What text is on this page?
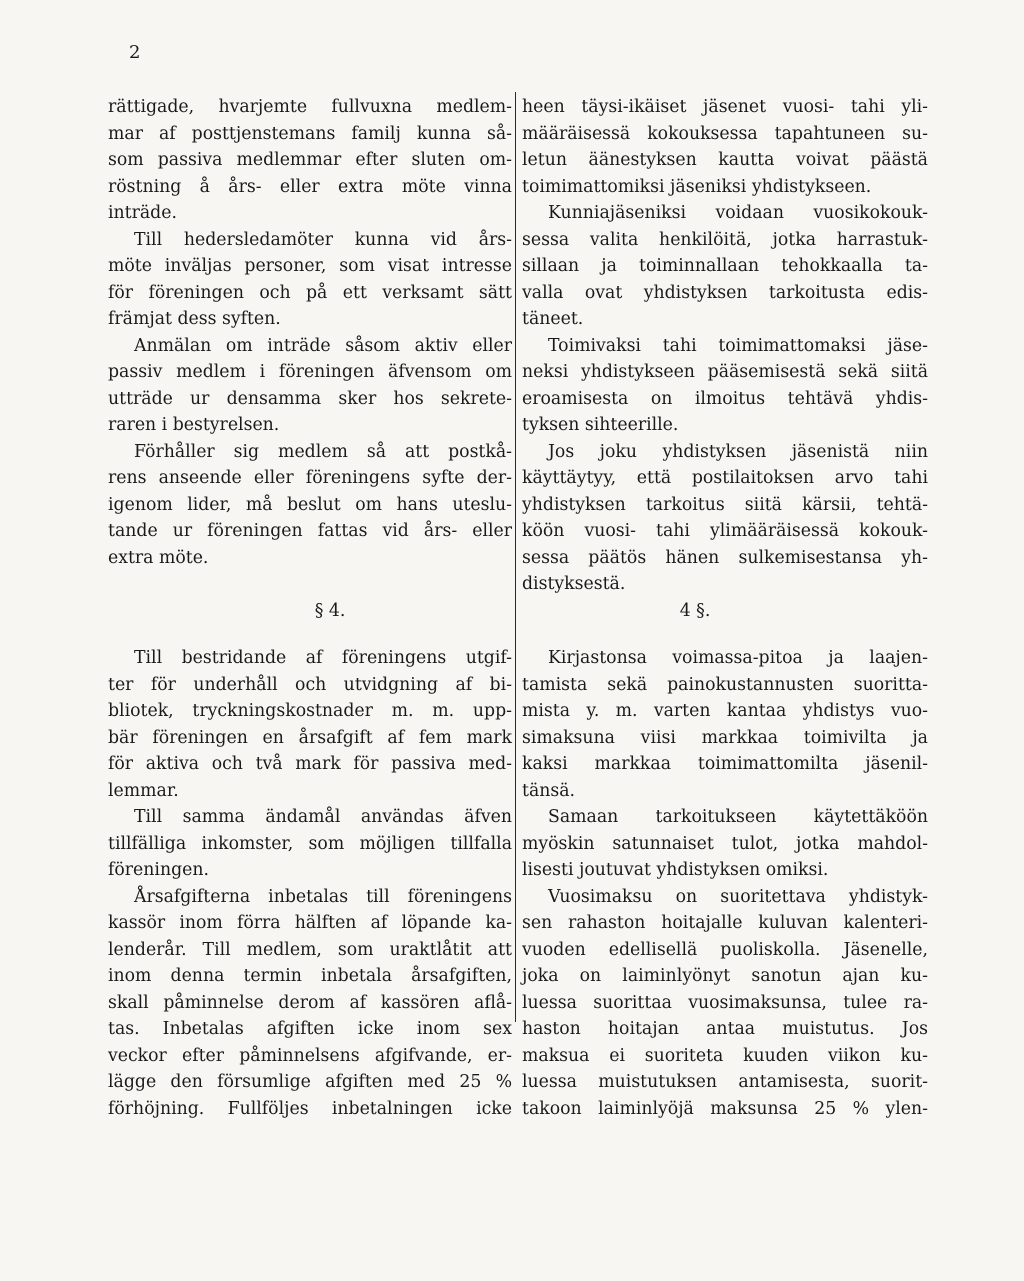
2
rättigade, hvarjemte fullvuxna medlem-
mar af posttjenstemans familj kunna så-
som passiva medlemmar efter sluten om-
röstning å års- eller extra möte vinna
inträde.
Till hedersledamöter kunna vid års-
möte inväljas personer, som visat intresse
för föreningen och på ett verksamt sätt
främjat dess syften.
Anmälan om inträde såsom aktiv eller
passiv medlem i föreningen äfvensom om
utträde ur densamma sker hos sekrete-
raren i bestyrelsen.
Förhåller sig medlem så att postkå-
rens anseende eller föreningens syfte der-
igenom lider, må beslut om hans uteslu-
tande ur föreningen fattas vid års- eller
extra möte.
heen täysi-ikäiset jäsenet vuosi- tahi yli-
määräisessä kokouksessa tapahtuneen su-
letun äänestyksen kautta voivat päästä
toimimattomiksi jäseniksi yhdistykseen.
Kunniajäseniksi voidaan vuosikokouk-
sessa valita henkilöitä, jotka harrastuk-
sillaan ja toiminnallaan tehokkaalla ta-
valla ovat yhdistyksen tarkoitusta edis-
täneet.
Toimivaksi tahi toimimattomaksi jäse-
neksi yhdistykseen pääsemisestä sekä siitä
eroamisesta on ilmoitus tehtävä yhdis-
tyksen sihteerille.
Jos joku yhdistyksen jäsenistä niin
käyttäytyy, että postilaitoksen arvo tahi
yhdistyksen tarkoitus siitä kärsii, tehtä-
köön vuosi- tahi ylimääräisessä kokouk-
sessa päätös hänen sulkemisestansa yh-
distyksestä.
§ 4.	4 §.
Till bestridande af föreningens utgif-
ter för underhåll och utvidgning af bi-
bliotek, tryckningskostnader m. m. upp-
bär föreningen en årsafgift af fem mark
för aktiva och två mark för passiva med-
lemmar.
Till samma ändamål användas äfven
tillfälliga inkomster, som möjligen tillfalla
föreningen.
Årsafgifterna inbetalas till föreningens
kassör inom förra hälften af löpande ka-
lenderår. Till medlem, som uraktlåtit att
inom denna termin inbetala årsafgiften,
skall påminnelse derom af kassören aflå-
tas. Inbetalas afgiften icke inom sex
veckor efter påminnelsens afgifvande, er-
lägge den försumlige afgiften med 25 %
förhöjning. Fullföljes inbetalningen icke
Kirjastonsa voimassa-pitoa ja laajen-
tamista sekä painokustannusten suoritta-
mista y. m. varten kantaa yhdistys vuo-
simaksuna viisi markkaa toimivilta ja
kaksi markkaa toimimattomilta jäsenil-
tänsä.
Samaan tarkoitukseen käytettäköön
myöskin satunnaiset tulot, jotka mahdol-
lisesti joutuvat yhdistyksen omiksi.
Vuosimaksu on suoritettava yhdistyk-
sen rahaston hoitajalle kuluvan kalenteri-
vuoden edellisellä puoliskolla. Jäsenelle,
joka on laiminlyönyt sanotun ajan ku-
luessa suorittaa vuosimaksunsa, tulee ra-
haston hoitajan antaa muistutus. Jos
maksua ei suoriteta kuuden viikon ku-
luessa muistutuksen antamisesta, suorit-
takoon laiminlyöjä maksunsa 25 % ylen-
